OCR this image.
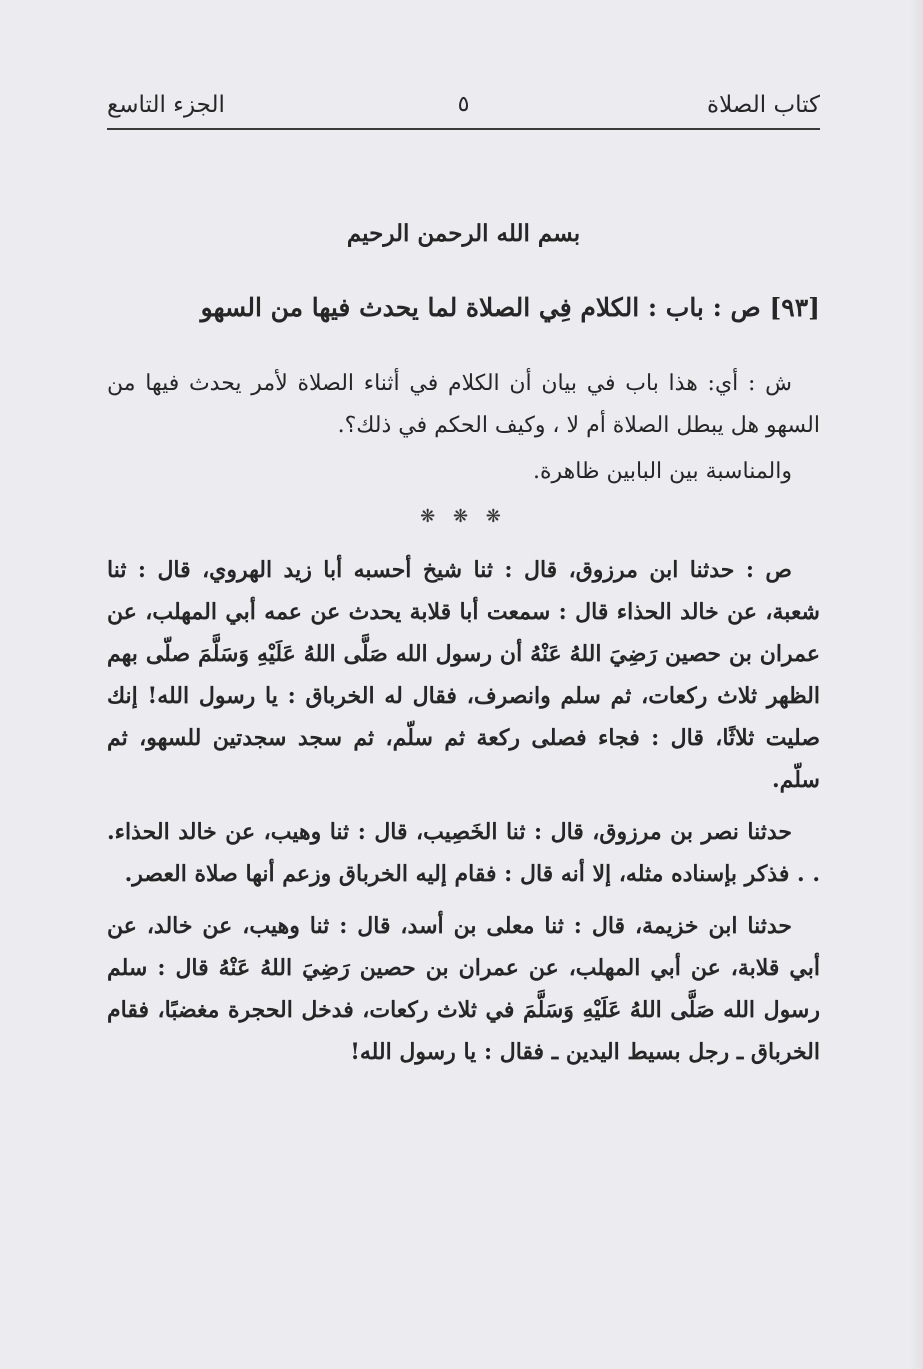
كتاب الصلاة
٥
الجزء التاسع
بسم الله الرحمن الرحيم
[٩٣] ص : باب : الكلام فِي الصلاة لما يحدث فيها من السهو

ش : أي: هذا باب في بيان أن الكلام في أثناء الصلاة لأمر يحدث فيها من السهو هل يبطل الصلاة أم لا ، وكيف الحكم في ذلك؟.

والمناسبة بين البابين ظاهرة.

❋ ❋ ❋

ص : حدثنا ابن مرزوق، قال : ثنا شيخ أحسبه أبا زيد الهروي، قال : ثنا شعبة، عن خالد الحذاء قال : سمعت أبا قلابة يحدث عن عمه أبي المهلب، عن عمران بن حصين رَضِيَ اللهُ عَنْهُ أن رسول الله صَلَّى اللهُ عَلَيْهِ وَسَلَّمَ صلّى بهم الظهر ثلاث ركعات، ثم سلم وانصرف، فقال له الخرباق : يا رسول الله! إنك صليت ثلاثًا، قال : فجاء فصلى ركعة ثم سلّم، ثم سجد سجدتين للسهو، ثم سلّم.

حدثنا نصر بن مرزوق، قال : ثنا الخَصِيب، قال : ثنا وهيب، عن خالد الحذاء. . . فذكر بإسناده مثله، إلا أنه قال : فقام إليه الخرباق وزعم أنها صلاة العصر.

حدثنا ابن خزيمة، قال : ثنا معلى بن أسد، قال : ثنا وهيب، عن خالد، عن أبي قلابة، عن أبي المهلب، عن عمران بن حصين رَضِيَ اللهُ عَنْهُ قال : سلم رسول الله صَلَّى اللهُ عَلَيْهِ وَسَلَّمَ في ثلاث ركعات، فدخل الحجرة مغضبًا، فقام الخرباق ـ رجل بسيط اليدين ـ فقال : يا رسول الله!
